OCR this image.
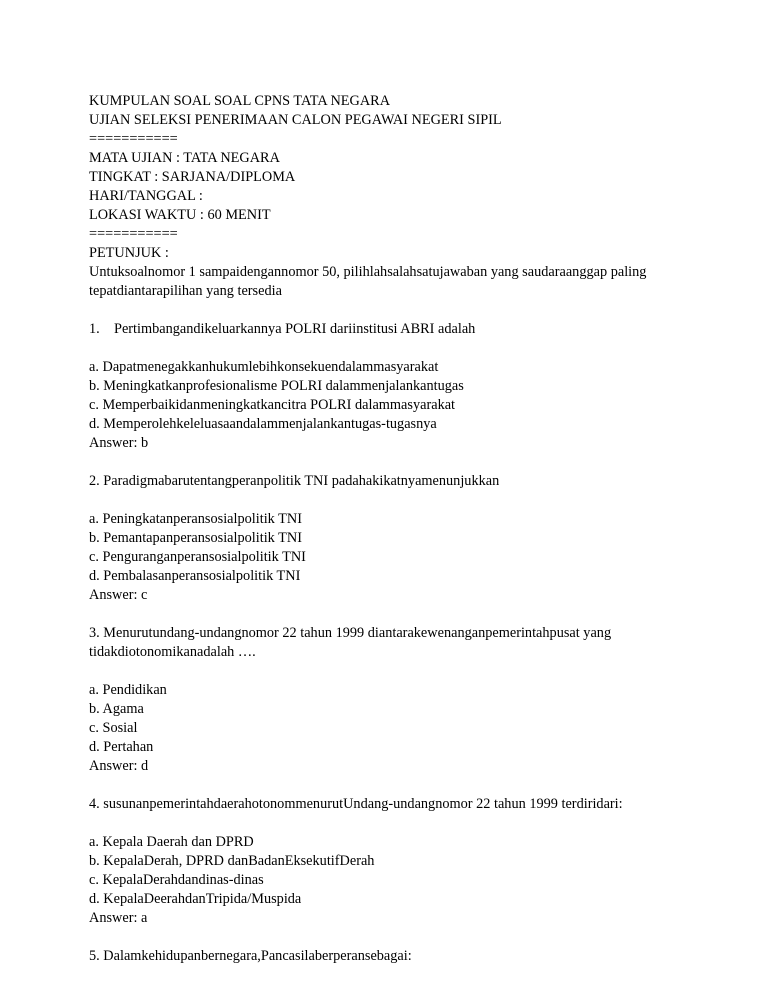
KUMPULAN SOAL SOAL CPNS TATA NEGARA
UJIAN SELEKSI PENERIMAAN CALON PEGAWAI NEGERI SIPIL
===========
MATA UJIAN : TATA NEGARA
TINGKAT : SARJANA/DIPLOMA
HARI/TANGGAL :
LOKASI WAKTU : 60 MENIT
===========
PETUNJUK :
Untuksoalnomor 1 sampaidengannomor 50, pilihlahsalahsatujawaban yang saudaraanggap paling
tepatdiantarapilihan yang tersedia
1. Pertimbangandikeluarkannya POLRI dariinstitusi ABRI adalah
a. Dapatmenegakkanhukumlebihkonsekuendalammasyarakat
b. Meningkatkanprofesionalisme POLRI dalammenjalankantugas
c. Memperbaikidanmeningkatkancitra POLRI dalammasyarakat
d. Memperolehkeleluasaandalammenjalankantugas-tugasnya
Answer: b
2. Paradigmabarutentangperanpolitik TNI padahakikatnyamenunjukkan
a. Peningkatanperansosialpolitik TNI
b. Pemantapanperansosialpolitik TNI
c. Penguranganperansosialpolitik TNI
d. Pembalasanperansosialpolitik TNI
Answer: c
3. Menurutundang-undangnomor 22 tahun 1999 diantarakewenanganpemerintahpusat yang
tidakdiotonomikanadalah ….
a. Pendidikan
b. Agama
c. Sosial
d. Pertahan
Answer: d
4. susunanpemerintahdaerahotonommenurutUndang-undangnomor 22 tahun 1999 terdiridari:
a. Kepala Daerah dan DPRD
b. KepalaDerah, DPRD danBadanEksekutifDerah
c. KepalaDerahdandinas-dinas
d. KepalaDeerahdanTripida/Muspida
Answer: a
5. Dalamkehidupanbernegara,Pancasilaberperansebagai:
